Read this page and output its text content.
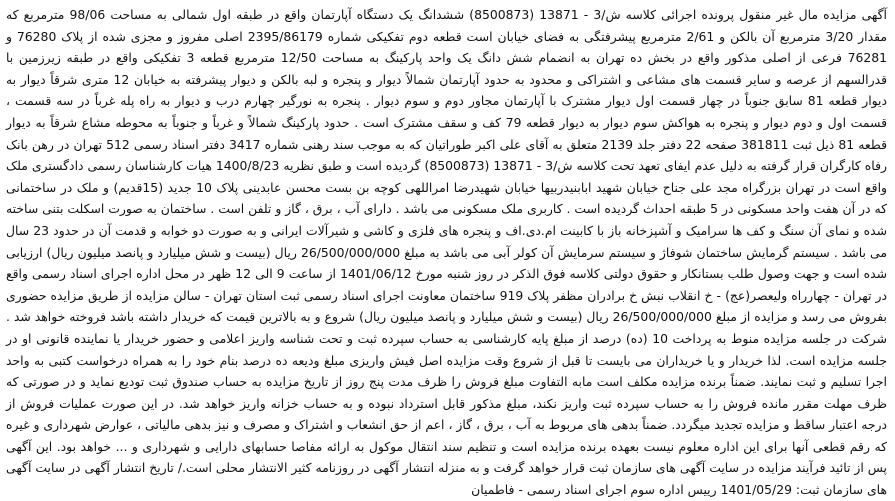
آگهی مزایده مال غیر منقول پرونده اجرائی کلاسه ش/3 - 13871 (8500873) ششدانگ یک دستگاه آپارتمان واقع در طبقه اول شمالی به مساحت 98/06 مترمربع که مقدار 3/20 مترمربع آن بالکن و 2/61 مترمربع پیشرفتگی به فضای خیابان است قطعه دوم تفکیکی شماره 2395/86179 اصلی مفروز و مجزی شده از پلاک 76280 و 76281 فرعی از اصلی مذکور واقع در بخش ده تهران به انضمام شش دانگ یک واحد پارکینگ به مساحت 12/50 مترمربع قطعه 3 تفکیکی واقع در طبقه زیرزمین با قدرالسهم از عرصه و سایر قسمت های مشاعی و اشتراکی و محدود به حدود آپارتمان شمالاً دیوار و پنجره و لبه بالکن و دیوار پیشرفته به خیابان 12 متری شرقاً دیوار به دیوار قطعه 81 سابق جنوباً در چهار قسمت اول دیوار مشترک با آپارتمان مجاور دوم و سوم دیوار . پنجره به نورگیر چهارم درب و دیوار به راه پله غرباً در سه قسمت ، قسمت اول و دوم دیوار و پنجره به هواکش سوم دیوار به دیوار قطعه 79 کف و سقف مشترک است . حدود پارکینگ شمالاً و غرباً و جنوباً به محوطه مشاع شرقاً به دیوار قطعه 81 ذیل ثبت 381811 صفحه 22 دفتر جلد 2139 متعلق به آقای علی اکبر طوراتیان که به موجب سند رهنی شماره 3417 دفتر اسناد رسمی 512 تهران در رهن بانک رفاه کارگران قرار گرفته به دلیل عدم ایفای تعهد تحت کلاسه ش/3 - 13871 (8500873) گردیده است و طبق نظریه 1400/8/23 هیات کارشناسان رسمی دادگستری ملک واقع است در تهران بزرگراه مجد علی جناح خیابان شهید ابابنیدربیها خیابان شهیدرضا امراللهی کوچه بن بست محسن عابدینی پلاک 10 جدید (15قدیم) و ملک در ساختمانی که در آن هفت واحد مسکونی در 5 طبقه احداث گردیده است . کاربری ملک مسکونی می باشد . دارای آب ، برق ، گاز و تلفن است . ساختمان به صورت اسکلت بتنی ساخته شده و نمای آن سنگ و کف ها سرامیک و آشپزخانه باز با کابینت ام.دی.اف و پنجره های فلزی و کاشی و شیرآلات ایرانی و به صورت دو خوابه و قدمت آن در حدود 23 سال می باشد . سیستم گرمایش ساختمان شوفاژ و سیستم سرمایش آن کولر آبی می باشد به مبلغ 26/500/000/000 ریال (بیست و شش میلیارد و پانصد میلیون ریال) ارزیابی شده است و جهت وصول طلب بستانکار و حقوق دولتی کلاسه فوق الذکر در روز شنبه مورخ 1401/06/12 از ساعت 9 الی 12 ظهر در محل اداره اجرای اسناد رسمی واقع در تهران - چهارراه ولیعصر(عج) - خ انقلاب نبش خ برادران مظفر پلاک 919 ساختمان معاونت اجرای اسناد رسمی ثبت استان تهران - سالن مزایده از طریق مزایده حضوری بفروش می رسد و مزایده از مبلغ 26/500/000/000 ریال (بیست و شش میلیارد و پانصد میلیون ریال) شروع و به بالاترین قیمت که خریدار داشته باشد فروخته خواهد شد . شرکت در جلسه مزایده منوط به پرداخت 10 (ده) درصد از مبلغ پایه کارشناسی به حساب سپرده ثبت و تحت شناسه واریز اعلامی و حضور خریدار یا نماینده قانونی او در جلسه مزایده است. لذا خریدار و یا خریداران می بایست تا قبل از شروع وقت مزایده اصل فیش واریزی مبلغ ودیعه ده درصد بنام خود را به همراه درخواست کتبی به واحد اجرا تسلیم و ثبت نمایند. ضمناً برنده مزایده مکلف است مابه التفاوت مبلغ فروش را ظرف مدت پنج روز از تاریخ مزایده به حساب صندوق ثبت تودیع نماید و در صورتی که ظرف مهلت مقرر مانده فروش را به حساب سپرده ثبت واریز نکند، مبلغ مذکور قابل استرداد نبوده و به حساب خزانه واریز خواهد شد. در این صورت عملیات فروش از درجه اعتبار ساقط و مزایده تجدید میگردد. ضمناً بدهی های مربوط به آب ، برق ، گاز ، اعم از حق انشعاب و اشتراک و مصرف و نیز بدهی مالیاتی ، عوارض شهرداری و غیره که رقم قطعی آنها برای این اداره معلوم نیست بعهده برنده مزایده است و تنظیم سند انتقال موکول به ارائه مفاصا حسابهای دارایی و شهرداری و ... خواهد بود. این آگهی پس از تائید فرآیند مزایده در سایت آگهی های سازمان ثبت قرار خواهد گرفت و به منزله انتشار آگهی در روزنامه کثیر الانتشار محلی است./ تاریخ انتشار آگهی در سایت آگهی های سازمان ثبت: 1401/05/29 رییس اداره سوم اجرای اسناد رسمی - فاطمیان
